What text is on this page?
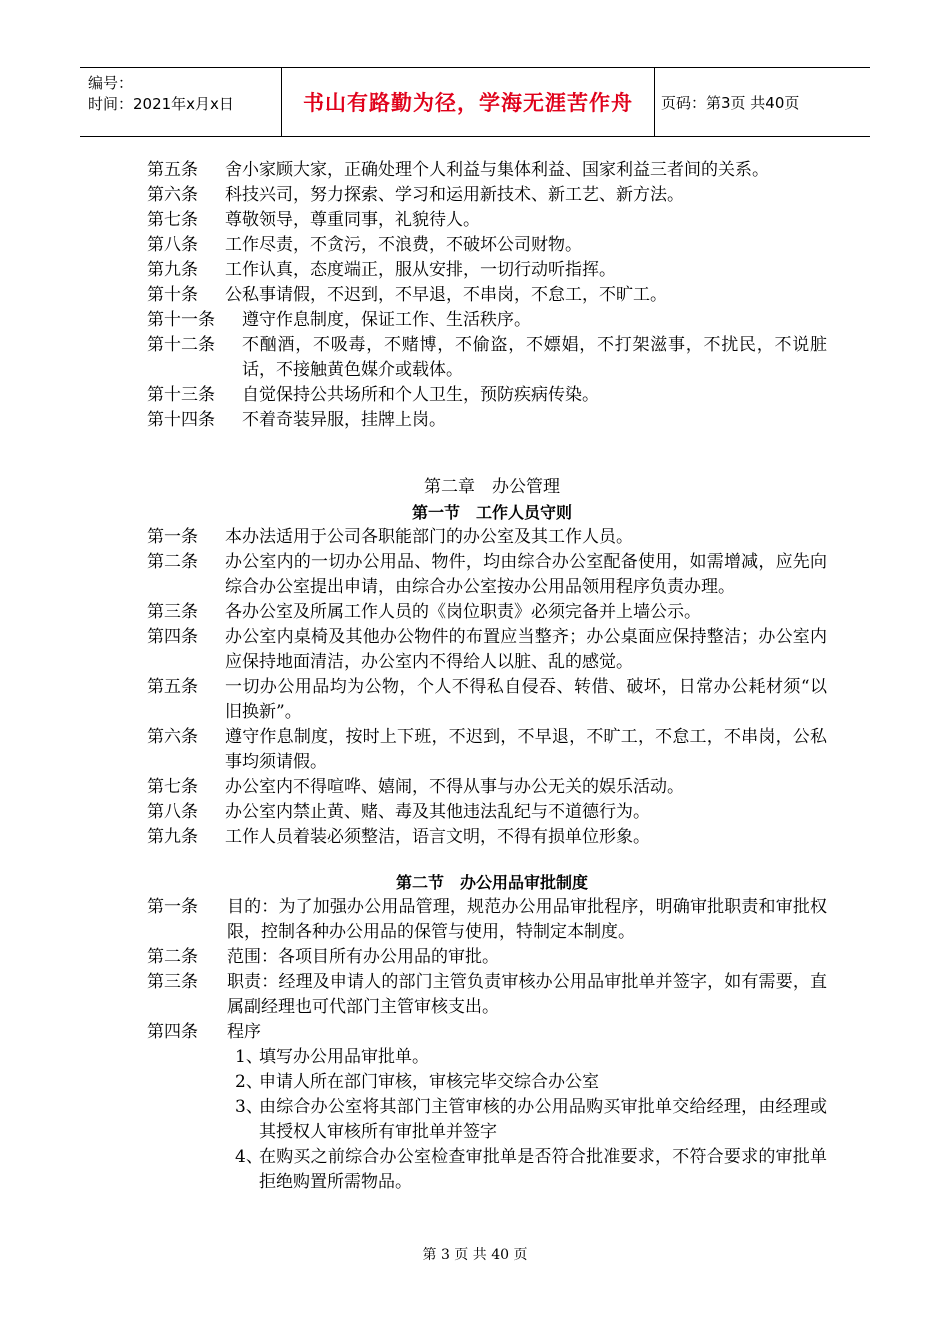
编号：
时间：2021年x月x日	书山有路勤为径，学海无涯苦作舟	页码：第3页 共40页
第五条	舍小家顾大家，正确处理个人利益与集体利益、国家利益三者间的关系。
第六条	科技兴司，努力探索、学习和运用新技术、新工艺、新方法。
第七条	尊敬领导，尊重同事，礼貌待人。
第八条	工作尽责，不贪污，不浪费，不破坏公司财物。
第九条	工作认真，态度端正，服从安排，一切行动听指挥。
第十条	公私事请假，不迟到，不早退，不串岗，不怠工，不旷工。
第十一条	遵守作息制度，保证工作、生活秩序。
第十二条	不酗酒，不吸毒，不赌博，不偷盗，不嫖娼，不打架滋事，不扰民，不说脏话，不接触黄色媒介或载体。
第十三条	自觉保持公共场所和个人卫生，预防疾病传染。
第十四条	不着奇装异服，挂牌上岗。
第二章　办公管理
第一节　工作人员守则
第一条	本办法适用于公司各职能部门的办公室及其工作人员。
第二条	办公室内的一切办公用品、物件，均由综合办公室配备使用，如需增减，应先向综合办公室提出申请，由综合办公室按办公用品领用程序负责办理。
第三条	各办公室及所属工作人员的《岗位职责》必须完备并上墙公示。
第四条	办公室内桌椅及其他办公物件的布置应当整齐；办公桌面应保持整洁；办公室内应保持地面清洁，办公室内不得给人以脏、乱的感觉。
第五条	一切办公用品均为公物，个人不得私自侵吞、转借、破坏，日常办公耗材须“以旧换新”。
第六条	遵守作息制度，按时上下班，不迟到，不早退，不旷工，不怠工，不串岗，公私事均须请假。
第七条	办公室内不得喧哗、嬉闹，不得从事与办公无关的娱乐活动。
第八条	办公室内禁止黄、赌、毒及其他违法乱纪与不道德行为。
第九条	工作人员着装必须整洁，语言文明，不得有损单位形象。
第二节　办公用品审批制度
第一条	目的：为了加强办公用品管理，规范办公用品审批程序，明确审批职责和审批权限，控制各种办公用品的保管与使用，特制定本制度。
第二条	范围：各项目所有办公用品的审批。
第三条	职责：经理及申请人的部门主管负责审核办公用品审批单并签字，如有需要，直属副经理也可代部门主管审核支出。
第四条	程序
1、
填写办公用品审批单。
2、
申请人所在部门审核，审核完毕交综合办公室
3、
由综合办公室将其部门主管审核的办公用品购买审批单交给经理，由经理或其授权人审核所有审批单并签字
4、
在购买之前综合办公室检查审批单是否符合批准要求，不符合要求的审批单拒绝购置所需物品。
第 3 页 共 40 页
